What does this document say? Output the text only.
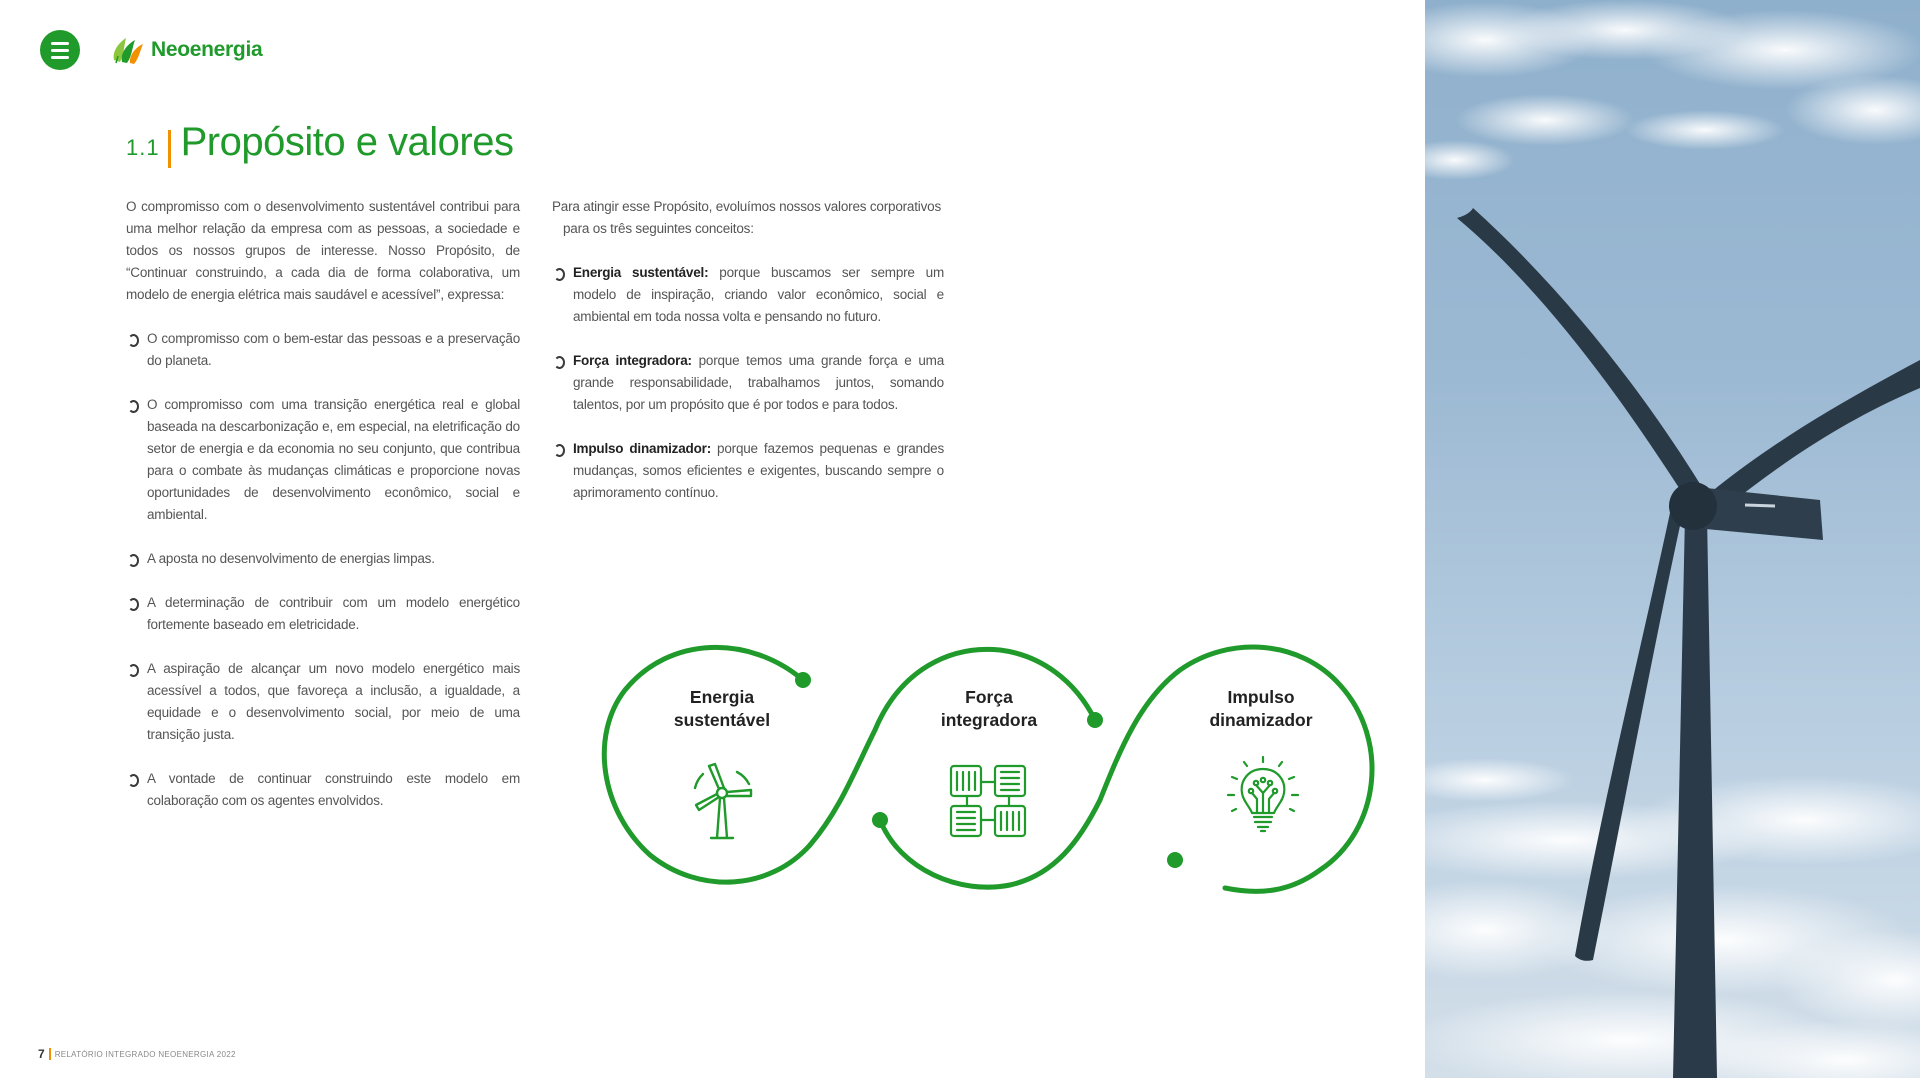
Neoenergia
1.1 Propósito e valores

O compromisso com o desenvolvimento sustentável contribui para uma melhor relação da empresa com as pessoas, a sociedade e todos os nossos grupos de interesse. Nosso Propósito, de “Continuar construindo, a cada dia de forma colaborativa, um modelo de energia elétrica mais saudável e acessível”, expressa:

O compromisso com o bem-estar das pessoas e a preservação do planeta.
O compromisso com uma transição energética real e global baseada na descarbonização e, em especial, na eletrificação do setor de energia e da economia no seu conjunto, que contribua para o combate às mudanças climáticas e proporcione novas oportunidades de desenvolvimento econômico, social e ambiental.
A aposta no desenvolvimento de energias limpas.
A determinação de contribuir com um modelo energético fortemente baseado em eletricidade.
A aspiração de alcançar um novo modelo energético mais acessível a todos, que favoreça a inclusão, a igualdade, a equidade e o desenvolvimento social, por meio de uma transição justa.
A vontade de continuar construindo este modelo em colaboração com os agentes envolvidos.

Para atingir esse Propósito, evoluímos nossos valores corporativos
para os três seguintes conceitos:

Energia sustentável: porque buscamos ser sempre um modelo de inspiração, criando valor econômico, social e ambiental em toda nossa volta e pensando no futuro.
Força integradora: porque temos uma grande força e uma grande responsabilidade, trabalhamos juntos, somando talentos, por um propósito que é por todos e para todos.
Impulso dinamizador: porque fazemos pequenas e grandes mudanças, somos eficientes e exigentes, buscando sempre o aprimoramento contínuo.
Energia
sustentável
Força
integradora
Impulso
dinamizador
7 RELATÓRIO INTEGRADO NEOENERGIA 2022
